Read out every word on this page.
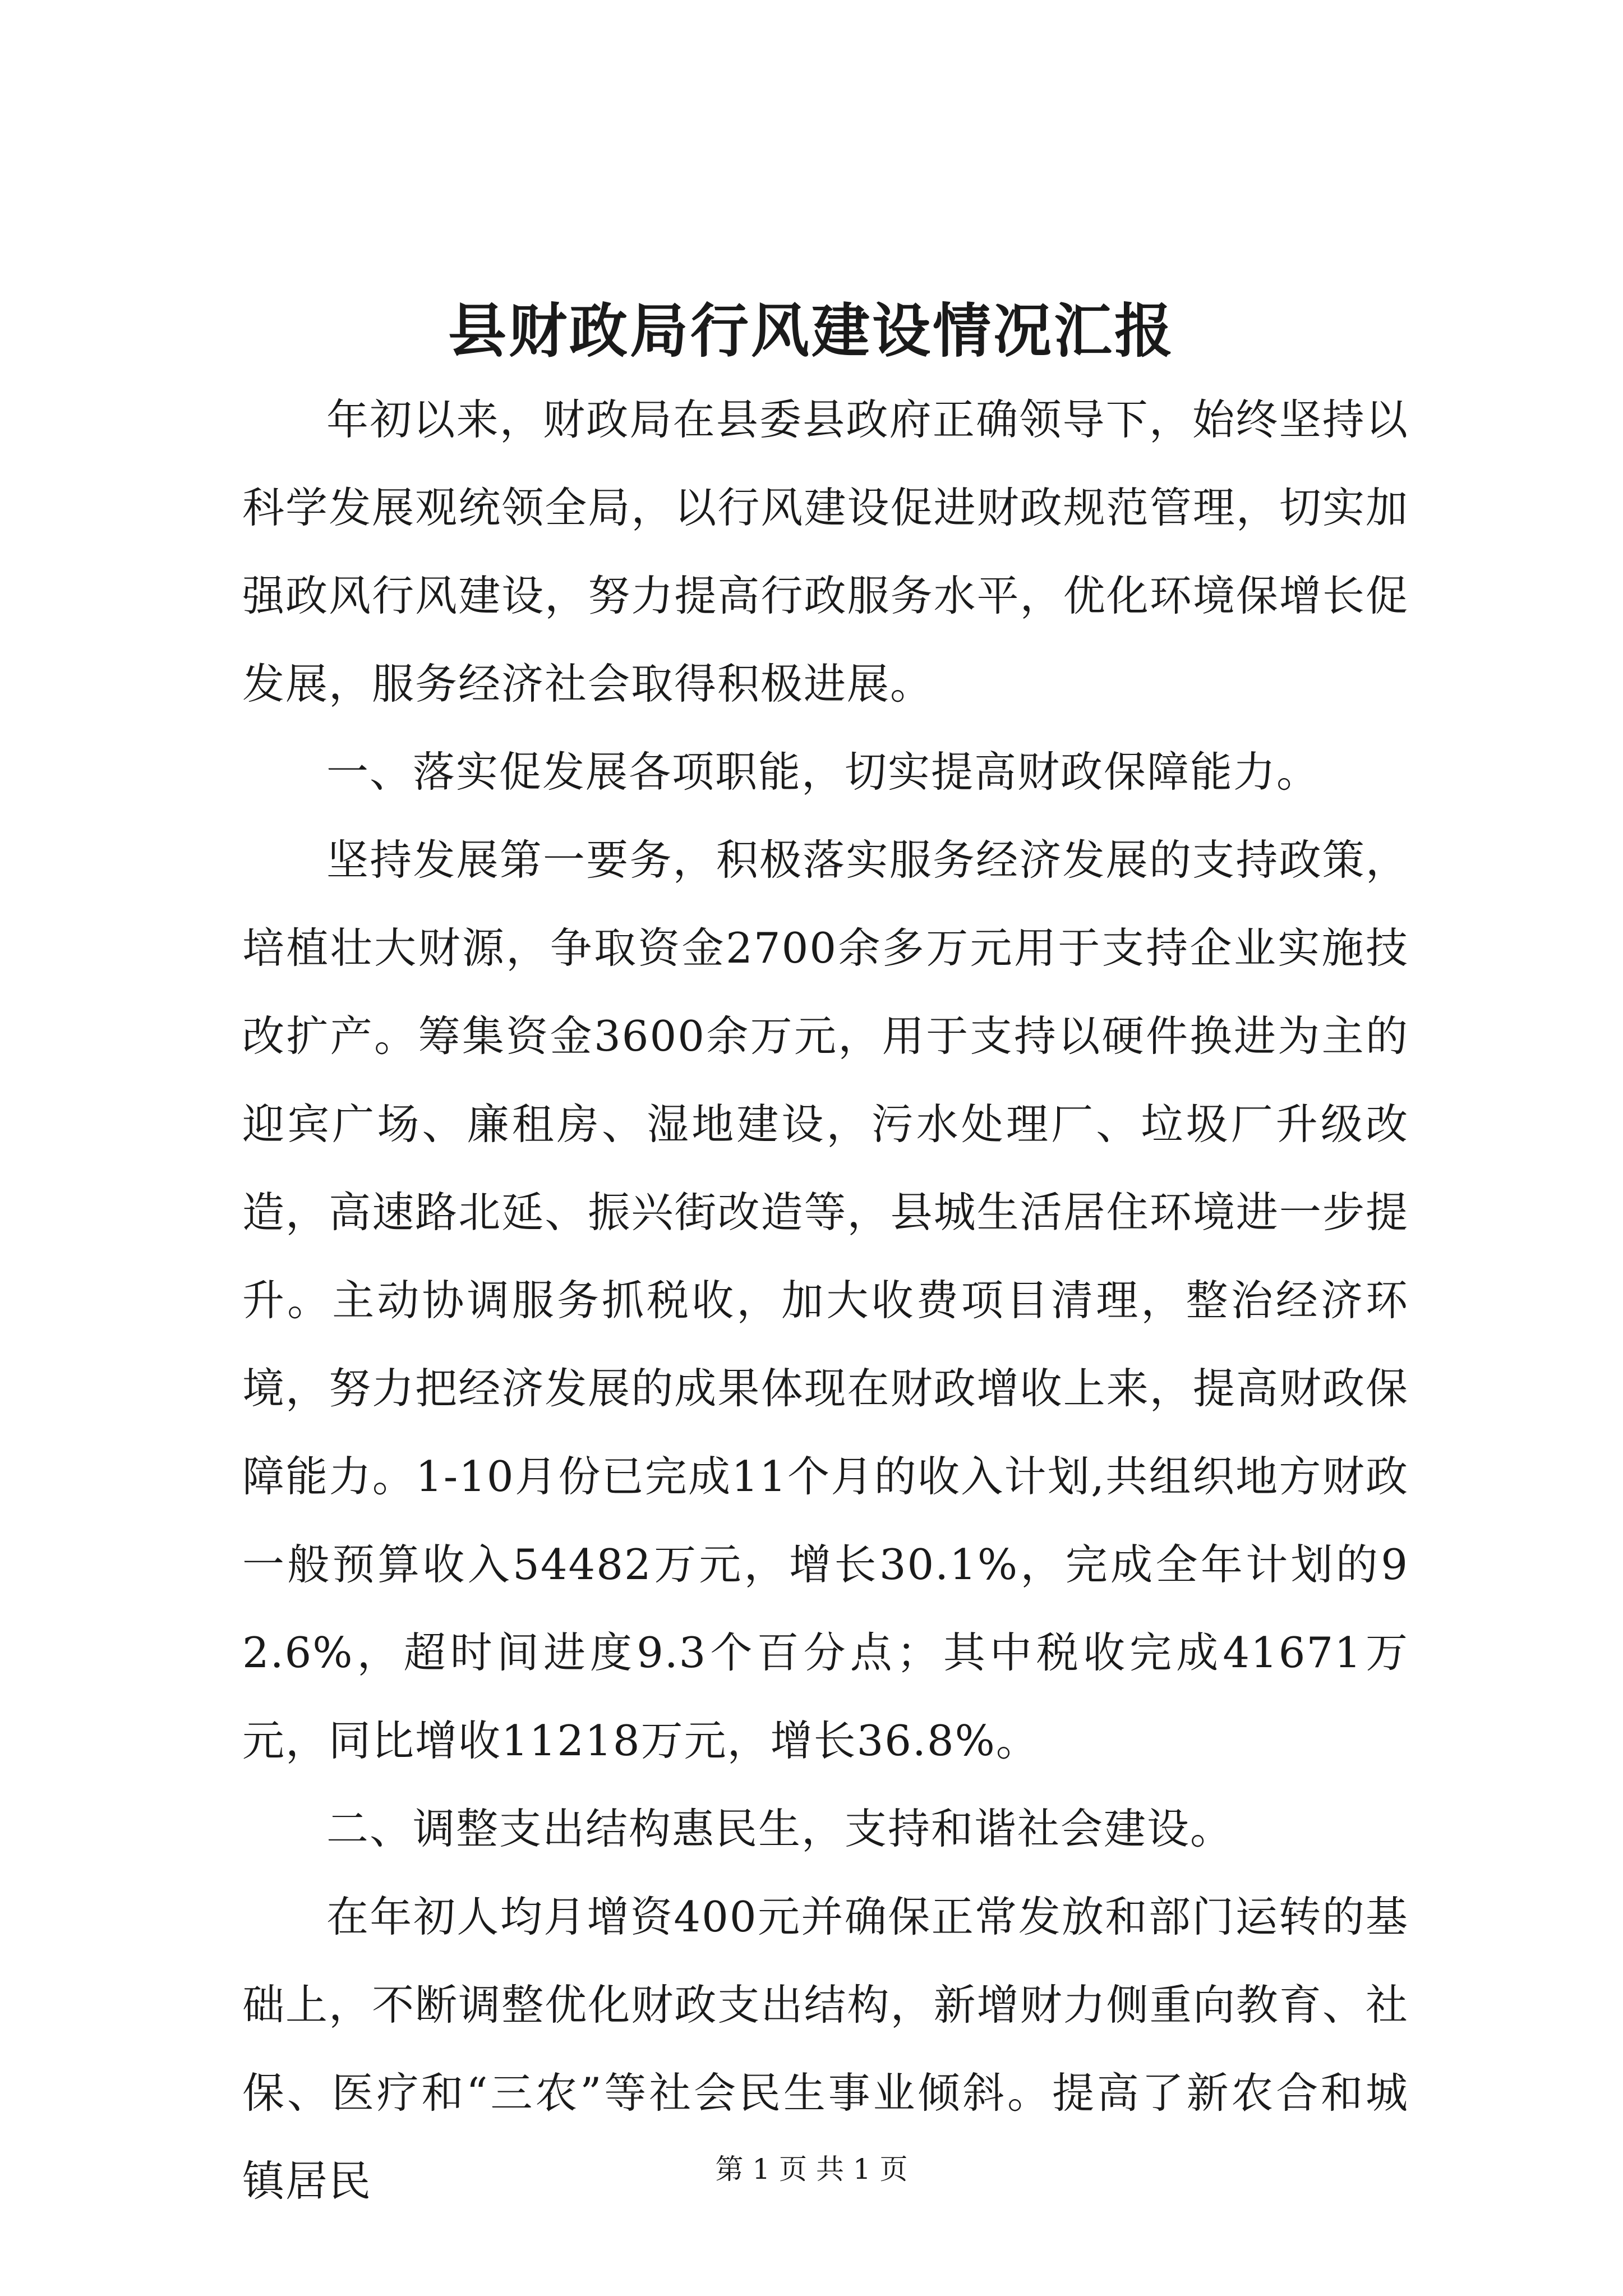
县财政局行风建设情况汇报

年初以来，财政局在县委县政府正确领导下，始终坚持以科学发展观统领全局，以行风建设促进财政规范管理，切实加强政风行风建设，努力提高行政服务水平，优化环境保增长促发展，服务经济社会取得积极进展。

一、落实促发展各项职能，切实提高财政保障能力。

坚持发展第一要务，积极落实服务经济发展的支持政策，培植壮大财源，争取资金2700余多万元用于支持企业实施技改扩产。筹集资金3600余万元，用于支持以硬件换进为主的迎宾广场、廉租房、湿地建设，污水处理厂、垃圾厂升级改造，高速路北延、振兴街改造等，县城生活居住环境进一步提升。主动协调服务抓税收，加大收费项目清理，整治经济环境，努力把经济发展的成果体现在财政增收上来，提高财政保障能力。1-10月份已完成11个月的收入计划,共组织地方财政一般预算收入54482万元，增长30.1%，完成全年计划的92.6%，超时间进度9.3个百分点；其中税收完成41671万元，同比增收11218万元，增长36.8%。

二、调整支出结构惠民生，支持和谐社会建设。

在年初人均月增资400元并确保正常发放和部门运转的基础上，不断调整优化财政支出结构，新增财力侧重向教育、社保、医疗和“三农”等社会民生事业倾斜。提高了新农合和城镇居民	第 1 页 共 1 页
